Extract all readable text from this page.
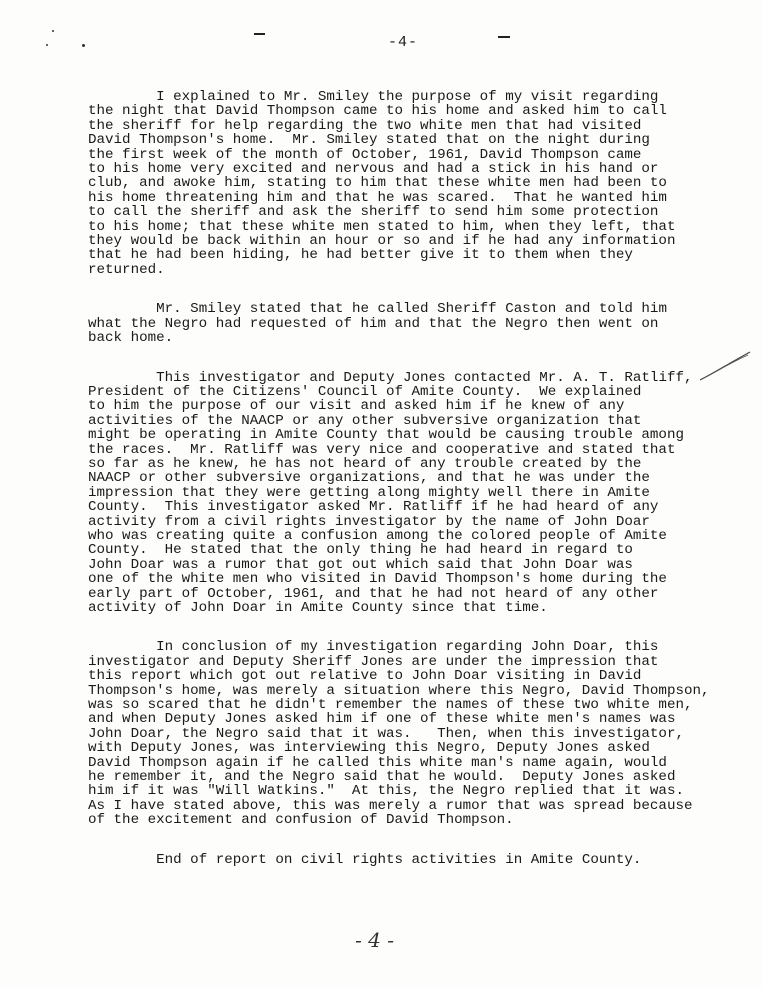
-4-

I explained to Mr. Smiley the purpose of my visit regarding
the night that David Thompson came to his home and asked him to call
the sheriff for help regarding the two white men that had visited
David Thompson's home.  Mr. Smiley stated that on the night during
the first week of the month of October, 1961, David Thompson came
to his home very excited and nervous and had a stick in his hand or
club, and awoke him, stating to him that these white men had been to
his home threatening him and that he was scared.  That he wanted him
to call the sheriff and ask the sheriff to send him some protection
to his home; that these white men stated to him, when they left, that
they would be back within an hour or so and if he had any information
that he had been hiding, he had better give it to them when they
returned.

Mr. Smiley stated that he called Sheriff Caston and told him
what the Negro had requested of him and that the Negro then went on
back home.

This investigator and Deputy Jones contacted Mr. A. T. Ratliff,
President of the Citizens' Council of Amite County.  We explained
to him the purpose of our visit and asked him if he knew of any
activities of the NAACP or any other subversive organization that
might be operating in Amite County that would be causing trouble among
the races.  Mr. Ratliff was very nice and cooperative and stated that
so far as he knew, he has not heard of any trouble created by the
NAACP or other subversive organizations, and that he was under the
impression that they were getting along mighty well there in Amite
County.  This investigator asked Mr. Ratliff if he had heard of any
activity from a civil rights investigator by the name of John Doar
who was creating quite a confusion among the colored people of Amite
County.  He stated that the only thing he had heard in regard to
John Doar was a rumor that got out which said that John Doar was
one of the white men who visited in David Thompson's home during the
early part of October, 1961, and that he had not heard of any other
activity of John Doar in Amite County since that time.

In conclusion of my investigation regarding John Doar, this
investigator and Deputy Sheriff Jones are under the impression that
this report which got out relative to John Doar visiting in David
Thompson's home, was merely a situation where this Negro, David Thompson,
was so scared that he didn't remember the names of these two white men,
and when Deputy Jones asked him if one of these white men's names was
John Doar, the Negro said that it was.   Then, when this investigator,
with Deputy Jones, was interviewing this Negro, Deputy Jones asked
David Thompson again if he called this white man's name again, would
he remember it, and the Negro said that he would.  Deputy Jones asked
him if it was "Will Watkins."  At this, the Negro replied that it was.
As I have stated above, this was merely a rumor that was spread because
of the excitement and confusion of David Thompson.

End of report on civil rights activities in Amite County.

- 4 -
